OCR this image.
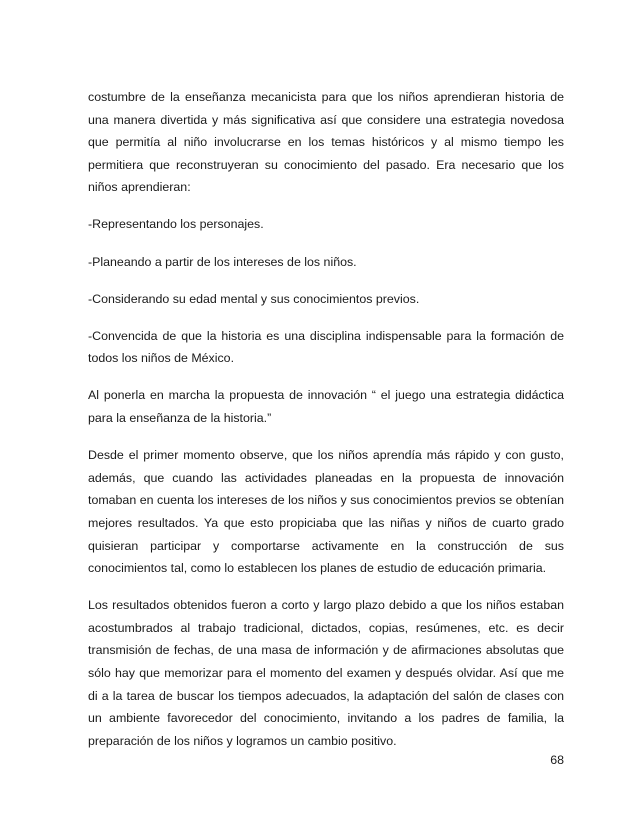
costumbre de la enseñanza mecanicista para que los niños aprendieran historia de una manera divertida y más significativa así que considere una estrategia novedosa que permitía al niño involucrarse en los temas históricos y al mismo tiempo les permitiera que reconstruyeran su conocimiento del pasado. Era necesario que los niños aprendieran:

-Representando los personajes.

-Planeando a partir de los intereses de los niños.

-Considerando su edad mental y sus conocimientos previos.

-Convencida de que la historia es una disciplina indispensable para la formación de todos los niños de México.

Al ponerla en marcha la propuesta de innovación “ el juego una estrategia didáctica para la enseñanza de la historia.”

Desde el primer momento observe, que los niños aprendía más rápido y con gusto, además, que cuando las actividades planeadas en la propuesta de innovación tomaban en cuenta los intereses de los niños y sus conocimientos previos se obtenían mejores resultados. Ya que esto propiciaba que las niñas y niños de cuarto grado quisieran participar y comportarse activamente en la construcción de sus conocimientos tal, como lo establecen los planes de estudio de educación primaria.

Los resultados obtenidos fueron a corto y largo plazo debido a que los niños estaban acostumbrados al trabajo tradicional, dictados, copias, resúmenes, etc. es decir transmisión de fechas, de una masa de información y de afirmaciones absolutas que sólo hay que memorizar para el momento del examen y después olvidar. Así que me di a la tarea de buscar los tiempos adecuados, la adaptación del salón de clases con un ambiente favorecedor del conocimiento, invitando a los padres de familia, la preparación de los niños y logramos un cambio positivo.

68
